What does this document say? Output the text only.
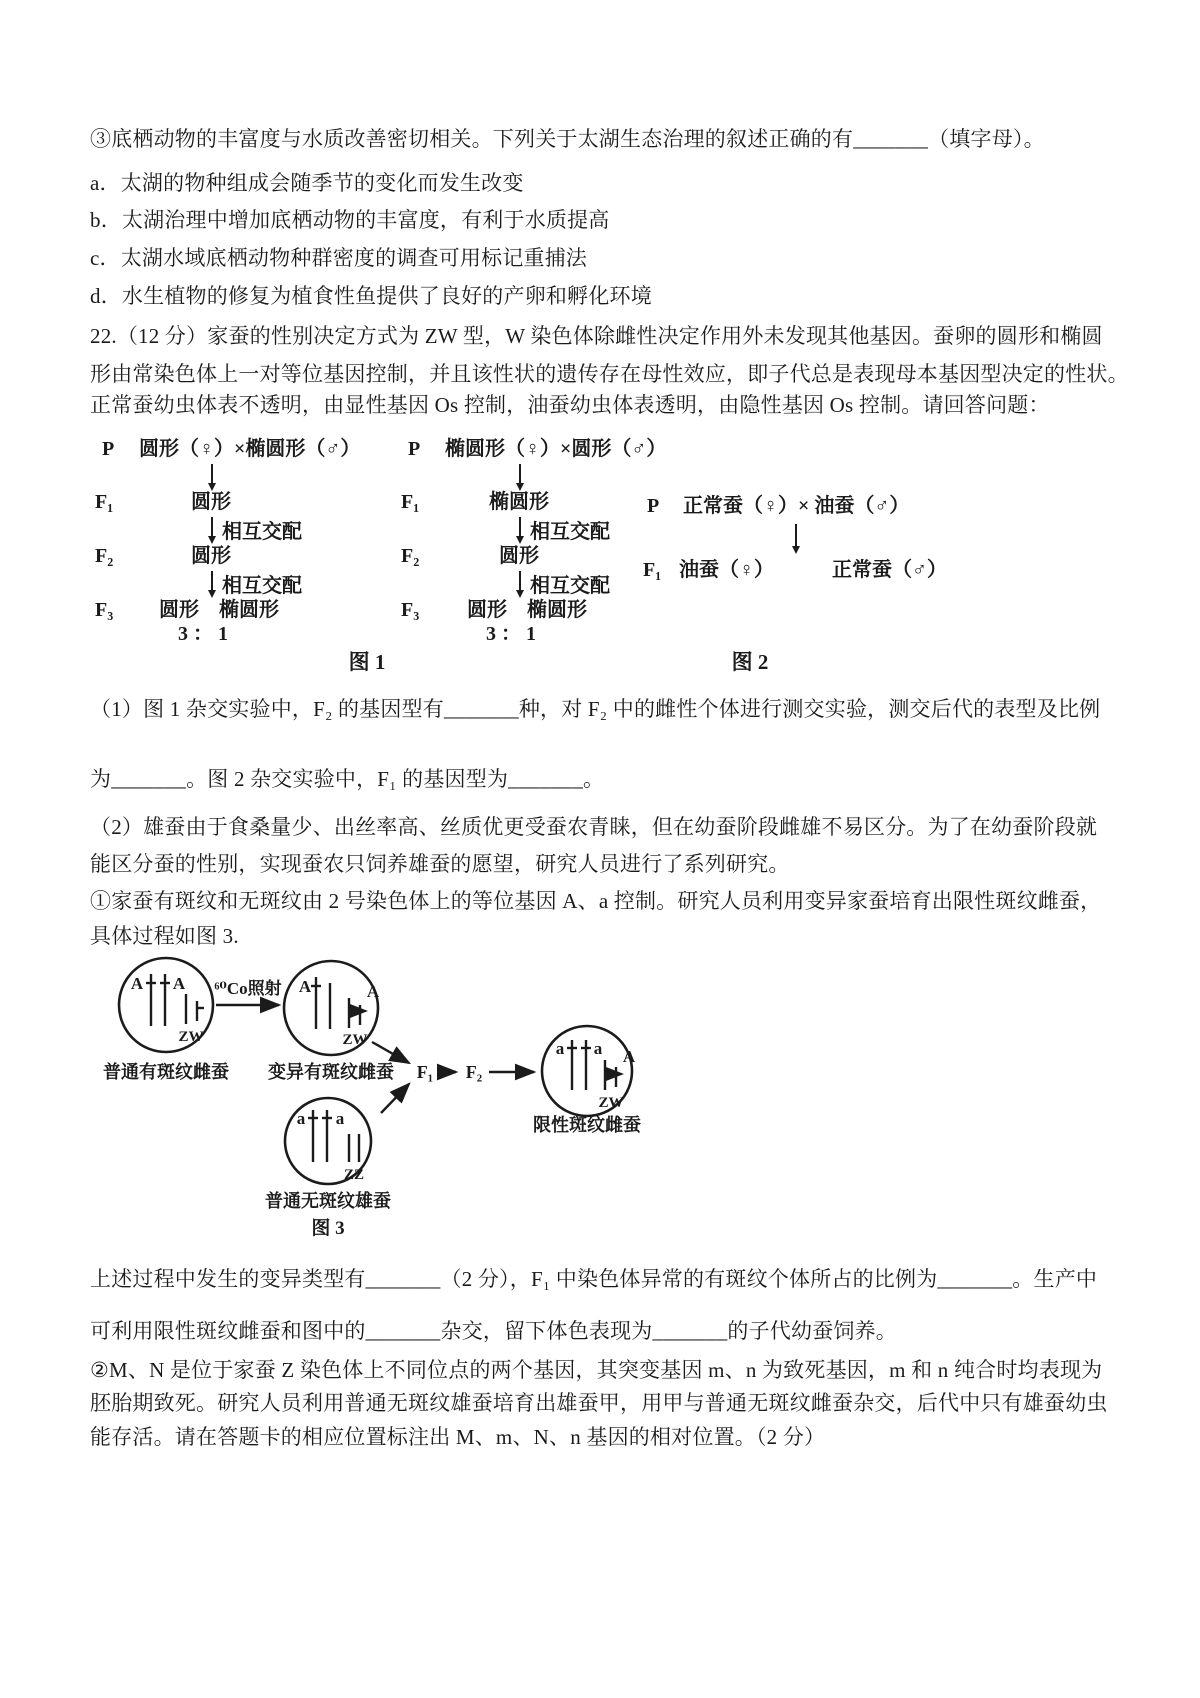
③底栖动物的丰富度与水质改善密切相关。下列关于太湖生态治理的叙述正确的有_______（填字母）。
a．太湖的物种组成会随季节的变化而发生改变
b．太湖治理中增加底栖动物的丰富度，有利于水质提高
c．太湖水域底栖动物种群密度的调查可用标记重捕法
d．水生植物的修复为植食性鱼提供了良好的产卵和孵化环境
22.（12 分）家蚕的性别决定方式为 ZW 型，W 染色体除雌性决定作用外未发现其他基因。蚕卵的圆形和椭圆
形由常染色体上一对等位基因控制，并且该性状的遗传存在母性效应，即子代总是表现母本基因型决定的性状。
正常蚕幼虫体表不透明，由显性基因 Os 控制，油蚕幼虫体表透明，由隐性基因 Os 控制。请回答问题：
P 圆形（♀）×椭圆形（♂）
F₁	圆形
相互交配
F₂	圆形
相互交配
F₃ 圆形　椭圆形
3 ： 1
P 椭圆形（♀）×圆形（♂）
F₁	椭圆形
相互交配
F₂	圆形
相互交配
F₃ 圆形　椭圆形
3 ： 1
图 1
P 正常蚕（♀）× 油蚕（♂）
F₁ 油蚕（♀）	正常蚕（♂）
图 2
（1）图 1 杂交实验中，F₂ 的基因型有_______种，对 F₂ 中的雌性个体进行测交实验，测交后代的表型及比例
为_______。图 2 杂交实验中，F₁ 的基因型为_______。
（2）雄蚕由于食桑量少、出丝率高、丝质优更受蚕农青睐，但在幼蚕阶段雌雄不易区分。为了在幼蚕阶段就
能区分蚕的性别，实现蚕农只饲养雄蚕的愿望，研究人员进行了系列研究。
①家蚕有斑纹和无斑纹由 2 号染色体上的等位基因 A、a 控制。研究人员利用变异家蚕培育出限性斑纹雌蚕，
具体过程如图 3.
A A
ZW
A	A
ZW
a a
ZZ
a a A
ZW
⁶⁰Co照射
F₁ F₂
普通有斑纹雌蚕 变异有斑纹雌蚕
普通无斑纹雄蚕
限性斑纹雌蚕
图 3
上述过程中发生的变异类型有_______（2 分），F₁ 中染色体异常的有斑纹个体所占的比例为_______。生产中
可利用限性斑纹雌蚕和图中的_______杂交，留下体色表现为_______的子代幼蚕饲养。
②M、N 是位于家蚕 Z 染色体上不同位点的两个基因，其突变基因 m、n 为致死基因，m 和 n 纯合时均表现为
胚胎期致死。研究人员利用普通无斑纹雄蚕培育出雄蚕甲，用甲与普通无斑纹雌蚕杂交，后代中只有雄蚕幼虫
能存活。请在答题卡的相应位置标注出 M、m、N、n 基因的相对位置。（2 分）
